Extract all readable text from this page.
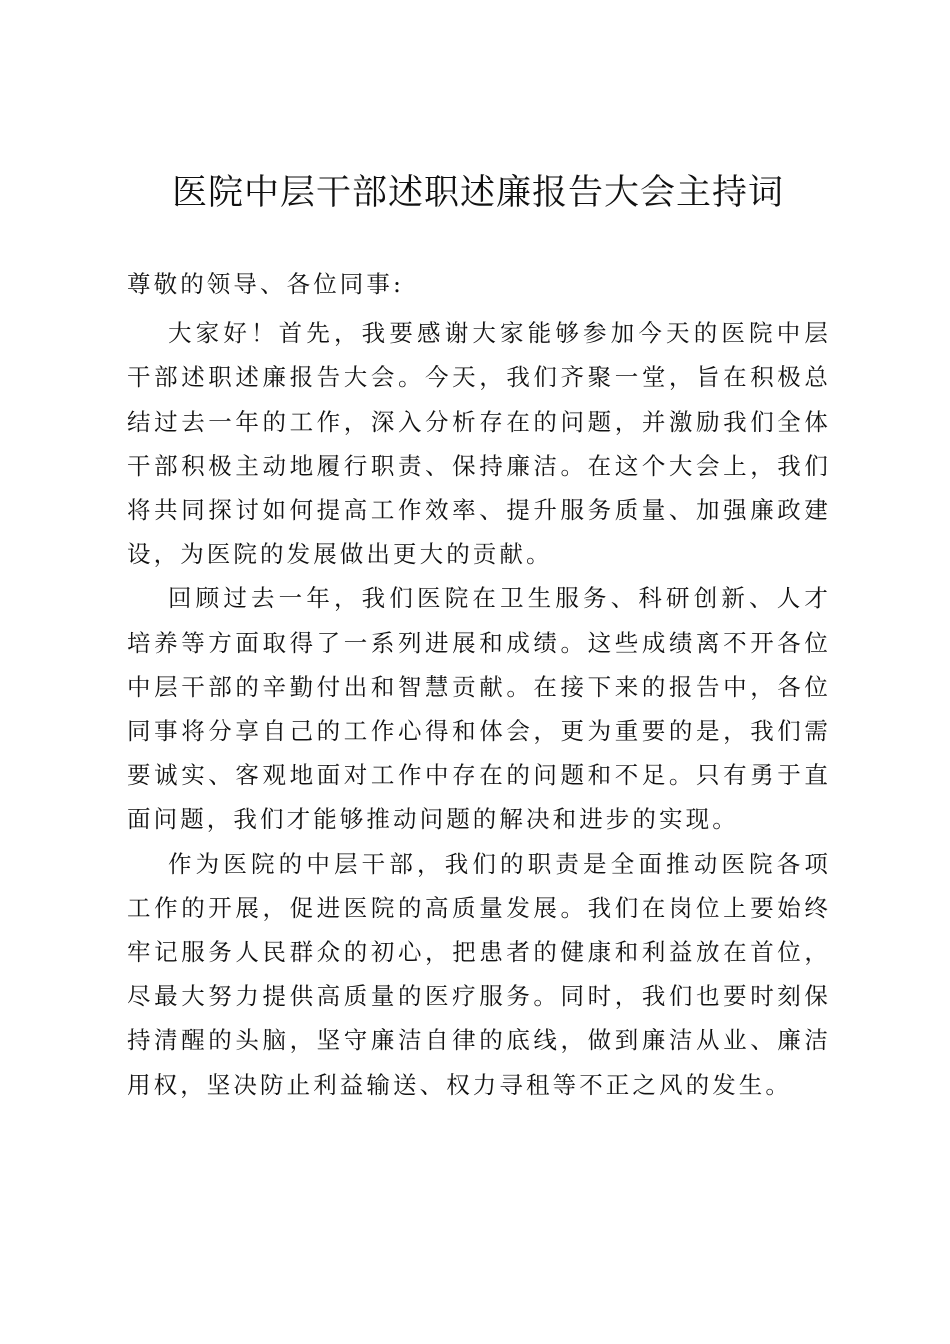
医院中层干部述职述廉报告大会主持词

尊敬的领导、各位同事:

大家好！首先，我要感谢大家能够参加今天的医院中层干部述职述廉报告大会。今天，我们齐聚一堂，旨在积极总结过去一年的工作，深入分析存在的问题，并激励我们全体干部积极主动地履行职责、保持廉洁。在这个大会上，我们将共同探讨如何提高工作效率、提升服务质量、加强廉政建设，为医院的发展做出更大的贡献。

回顾过去一年，我们医院在卫生服务、科研创新、人才培养等方面取得了一系列进展和成绩。这些成绩离不开各位中层干部的辛勤付出和智慧贡献。在接下来的报告中，各位同事将分享自己的工作心得和体会，更为重要的是，我们需要诚实、客观地面对工作中存在的问题和不足。只有勇于直面问题，我们才能够推动问题的解决和进步的实现。

作为医院的中层干部，我们的职责是全面推动医院各项工作的开展，促进医院的高质量发展。我们在岗位上要始终牢记服务人民群众的初心，把患者的健康和利益放在首位，尽最大努力提供高质量的医疗服务。同时，我们也要时刻保持清醒的头脑，坚守廉洁自律的底线，做到廉洁从业、廉洁用权，坚决防止利益输送、权力寻租等不正之风的发生。
